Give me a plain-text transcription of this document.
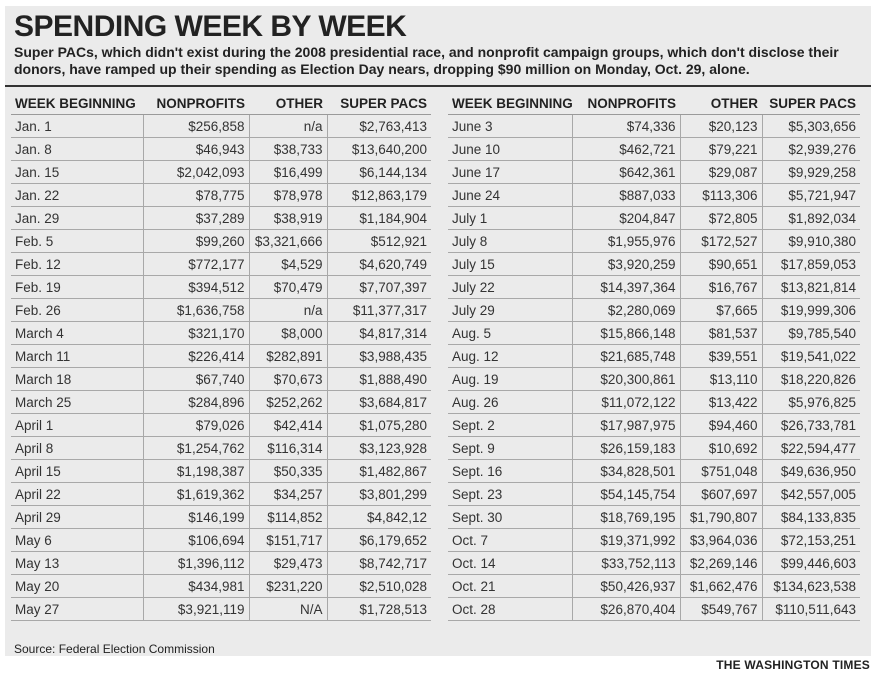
SPENDING WEEK BY WEEK
Super PACs, which didn't exist during the 2008 presidential race, and nonprofit campaign groups, which don't disclose their donors, have ramped up their spending as Election Day nears, dropping $90 million on Monday, Oct. 29, alone.
WEEK BEGINNING	NONPROFITS	OTHER	SUPER PACS
Jan. 1	$256,858	n/a	$2,763,413
Jan. 8	$46,943	$38,733	$13,640,200
Jan. 15	$2,042,093	$16,499	$6,144,134
Jan. 22	$78,775	$78,978	$12,863,179
Jan. 29	$37,289	$38,919	$1,184,904
Feb. 5	$99,260	$3,321,666	$512,921
Feb. 12	$772,177	$4,529	$4,620,749
Feb. 19	$394,512	$70,479	$7,707,397
Feb. 26	$1,636,758	n/a	$11,377,317
March 4	$321,170	$8,000	$4,817,314
March 11	$226,414	$282,891	$3,988,435
March 18	$67,740	$70,673	$1,888,490
March 25	$284,896	$252,262	$3,684,817
April 1	$79,026	$42,414	$1,075,280
April 8	$1,254,762	$116,314	$3,123,928
April 15	$1,198,387	$50,335	$1,482,867
April 22	$1,619,362	$34,257	$3,801,299
April 29	$146,199	$114,852	$4,842,12
May 6	$106,694	$151,717	$6,179,652
May 13	$1,396,112	$29,473	$8,742,717
May 20	$434,981	$231,220	$2,510,028
May 27	$3,921,119	N/A	$1,728,513
WEEK BEGINNING	NONPROFITS	OTHER	SUPER PACS
June 3	$74,336	$20,123	$5,303,656
June 10	$462,721	$79,221	$2,939,276
June 17	$642,361	$29,087	$9,929,258
June 24	$887,033	$113,306	$5,721,947
July 1	$204,847	$72,805	$1,892,034
July 8	$1,955,976	$172,527	$9,910,380
July 15	$3,920,259	$90,651	$17,859,053
July 22	$14,397,364	$16,767	$13,821,814
July 29	$2,280,069	$7,665	$19,999,306
Aug. 5	$15,866,148	$81,537	$9,785,540
Aug. 12	$21,685,748	$39,551	$19,541,022
Aug. 19	$20,300,861	$13,110	$18,220,826
Aug. 26	$11,072,122	$13,422	$5,976,825
Sept. 2	$17,987,975	$94,460	$26,733,781
Sept. 9	$26,159,183	$10,692	$22,594,477
Sept. 16	$34,828,501	$751,048	$49,636,950
Sept. 23	$54,145,754	$607,697	$42,557,005
Sept. 30	$18,769,195	$1,790,807	$84,133,835
Oct. 7	$19,371,992	$3,964,036	$72,153,251
Oct. 14	$33,752,113	$2,269,146	$99,446,603
Oct. 21	$50,426,937	$1,662,476	$134,623,538
Oct. 28	$26,870,404	$549,767	$110,511,643
Source: Federal Election Commission
THE WASHINGTON TIMES
